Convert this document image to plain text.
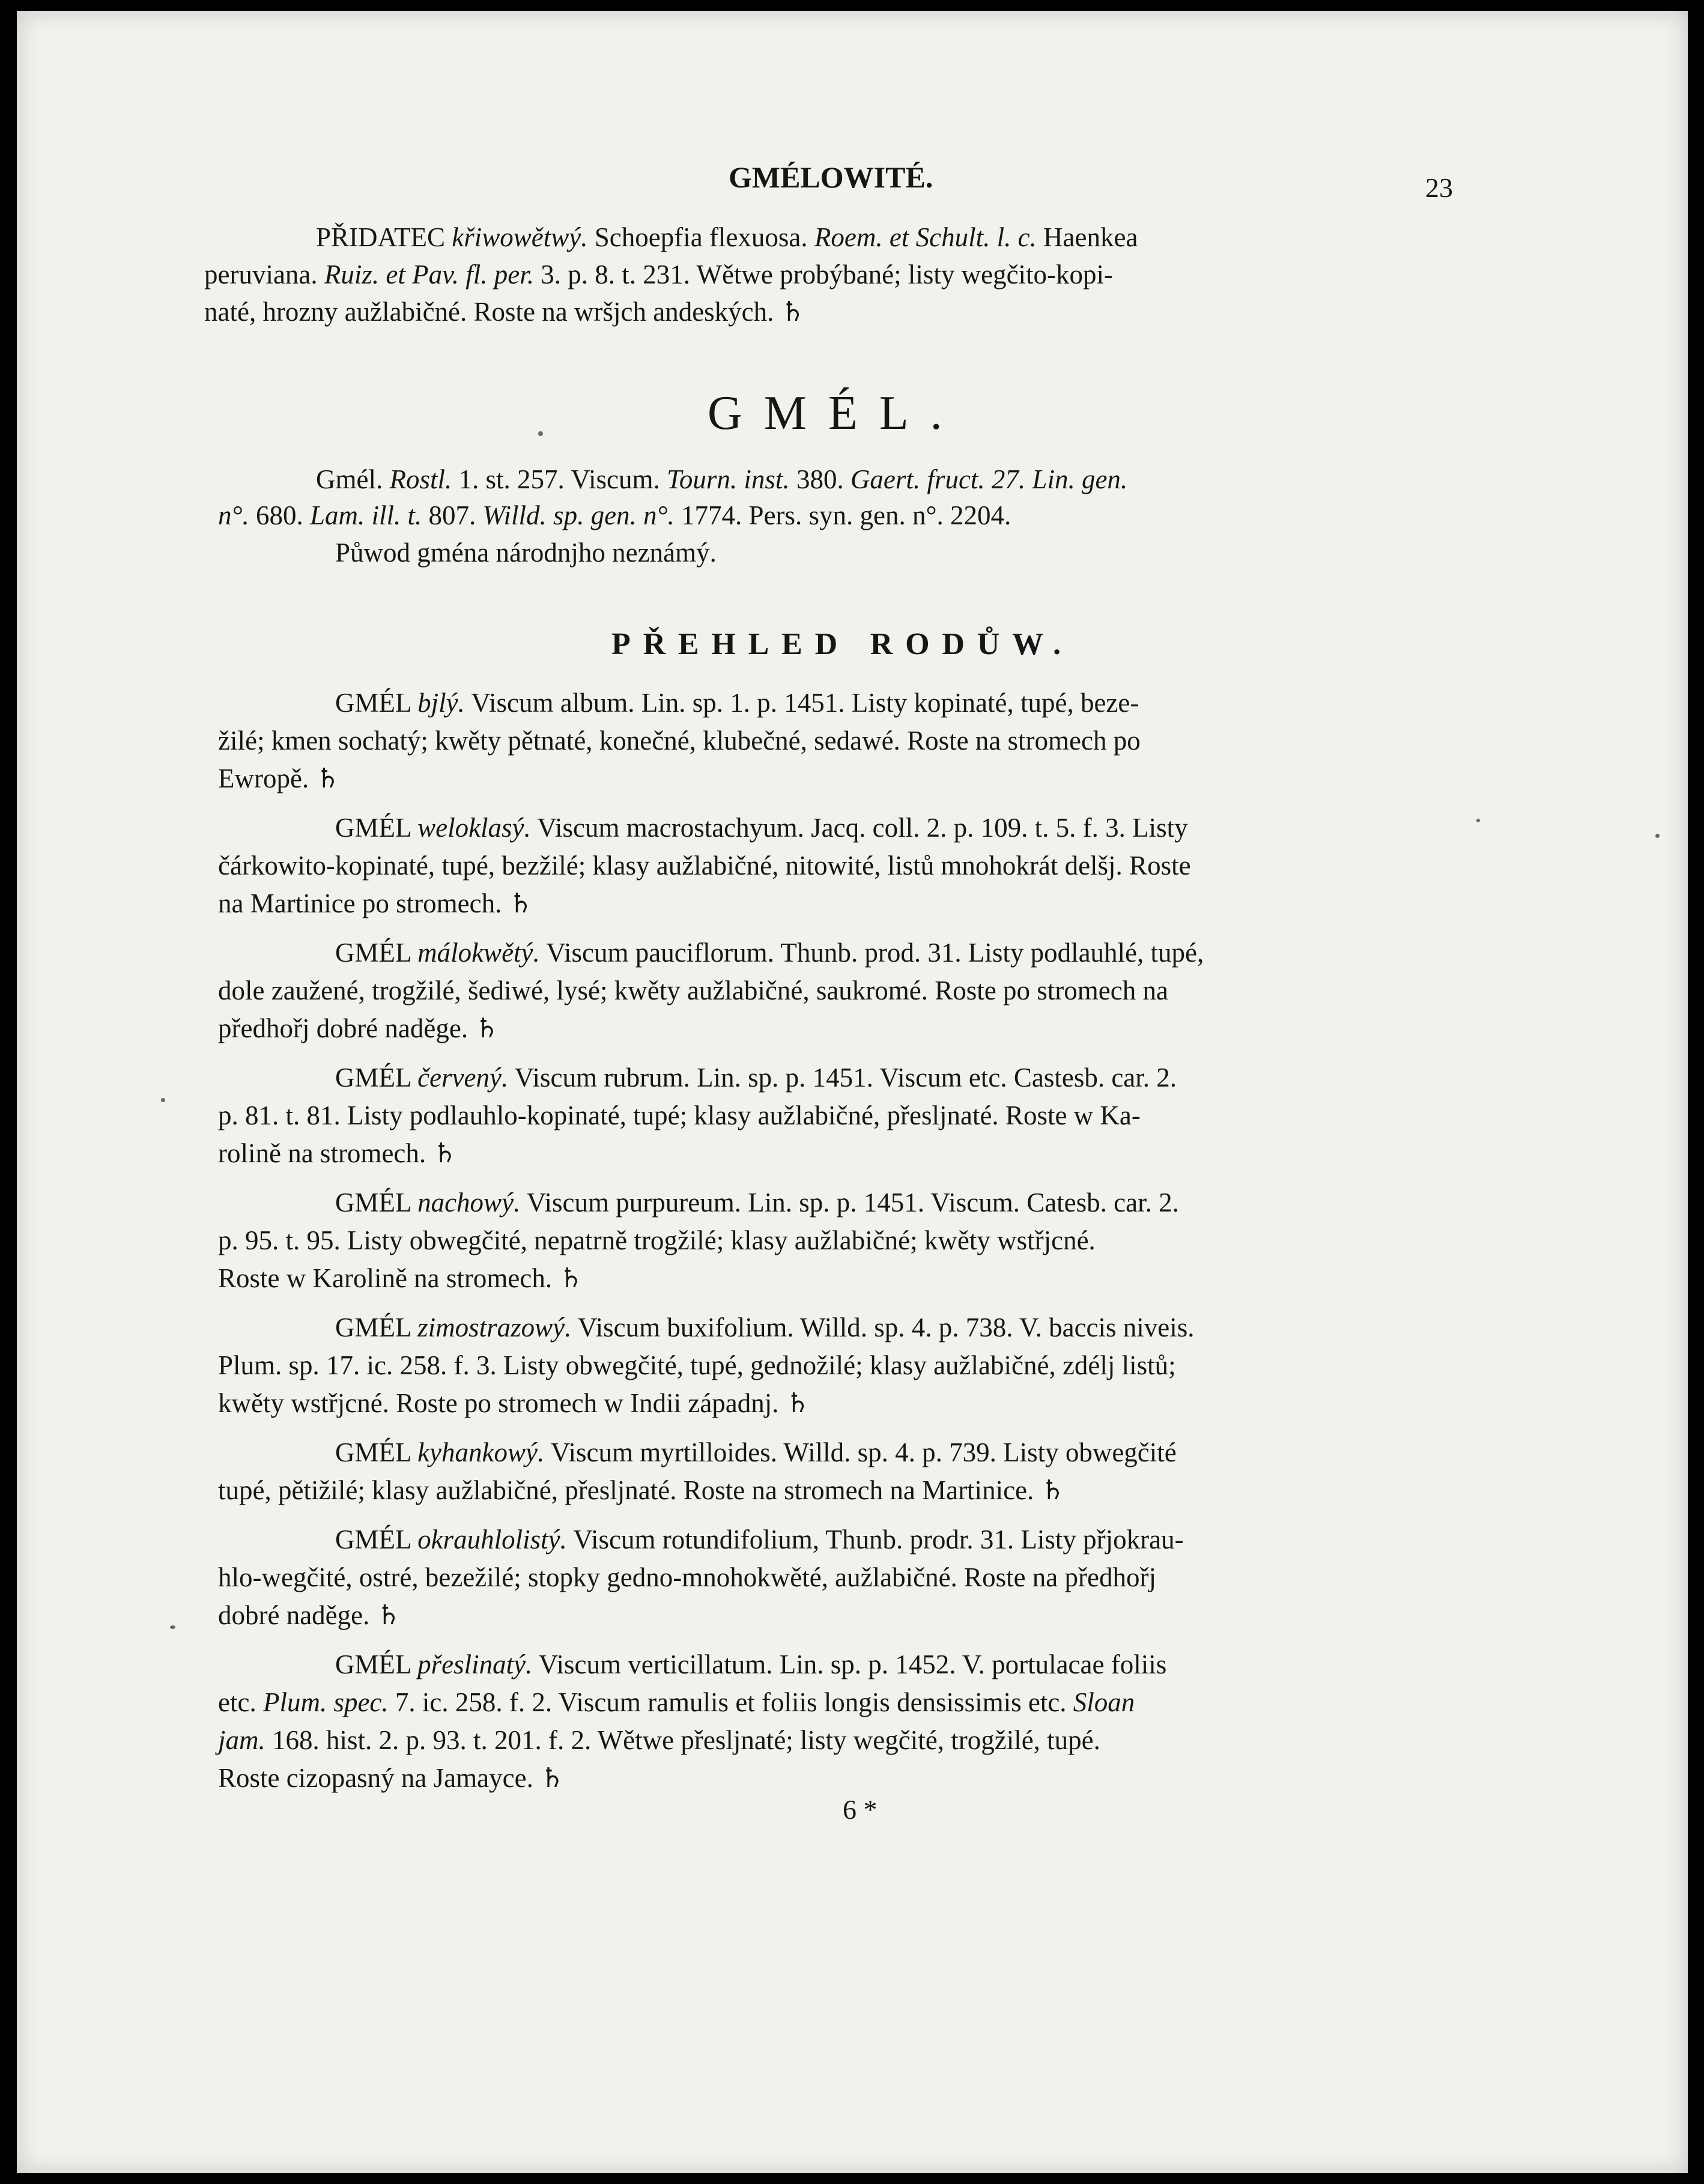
GMÉLOWITÉ.	23
PŘIDATEC křiwowětwý. Schoepfia flexuosa. Roem. et Schult. l. c. Haenkea
peruviana. Ruiz. et Pav. fl. per. 3. p. 8. t. 231. Wětwe probýbané; listy wegčito-kopi-
naté, hrozny aužlabičné. Roste na wršjch andeských. ♄
GMÉL.
Gmél. Rostl. 1. st. 257. Viscum. Tourn. inst. 380. Gaert. fruct. 27. Lin. gen.
n°. 680. Lam. ill. t. 807. Willd. sp. gen. n°. 1774. Pers. syn. gen. n°. 2204.
Půwod gména národnjho neznámý.
PŘEHLED RODŮW.
GMÉL bjlý. Viscum album. Lin. sp. 1. p. 1451. Listy kopinaté, tupé, beze-
žilé; kmen sochatý; kwěty pětnaté, konečné, klubečné, sedawé. Roste na stromech po
Ewropě. ♄
GMÉL weloklasý. Viscum macrostachyum. Jacq. coll. 2. p. 109. t. 5. f. 3. Listy
čárkowito-kopinaté, tupé, bezžilé; klasy aužlabičné, nitowité, listů mnohokrát delšj. Roste
na Martinice po stromech. ♄
GMÉL málokwětý. Viscum pauciflorum. Thunb. prod. 31. Listy podlauhlé, tupé,
dole zaužené, trogžilé, šediwé, lysé; kwěty aužlabičné, saukromé. Roste po stromech na
předhořj dobré naděge. ♄
GMÉL červený. Viscum rubrum. Lin. sp. p. 1451. Viscum etc. Castesb. car. 2.
p. 81. t. 81. Listy podlauhlo-kopinaté, tupé; klasy aužlabičné, přesljnaté. Roste w Ka-
rolině na stromech. ♄
GMÉL nachowý. Viscum purpureum. Lin. sp. p. 1451. Viscum. Catesb. car. 2.
p. 95. t. 95. Listy obwegčité, nepatrně trogžilé; klasy aužlabičné; kwěty wstřjcné.
Roste w Karolině na stromech. ♄
GMÉL zimostrazowý. Viscum buxifolium. Willd. sp. 4. p. 738. V. baccis niveis.
Plum. sp. 17. ic. 258. f. 3. Listy obwegčité, tupé, gednožilé; klasy aužlabičné, zdélj listů;
kwěty wstřjcné. Roste po stromech w Indii západnj. ♄
GMÉL kyhankowý. Viscum myrtilloides. Willd. sp. 4. p. 739. Listy obwegčité
tupé, pětižilé; klasy aužlabičné, přesljnaté. Roste na stromech na Martinice. ♄
GMÉL okrauhlolistý. Viscum rotundifolium, Thunb. prodr. 31. Listy přjokrau-
hlo-wegčité, ostré, bezežilé; stopky gedno-mnohokwěté, aužlabičné. Roste na předhořj
dobré naděge. ♄
GMÉL přeslinatý. Viscum verticillatum. Lin. sp. p. 1452. V. portulacae foliis
etc. Plum. spec. 7. ic. 258. f. 2. Viscum ramulis et foliis longis densissimis etc. Sloan
jam. 168. hist. 2. p. 93. t. 201. f. 2. Wětwe přesljnaté; listy wegčité, trogžilé, tupé.
Roste cizopasný na Jamayce. ♄
6 *
